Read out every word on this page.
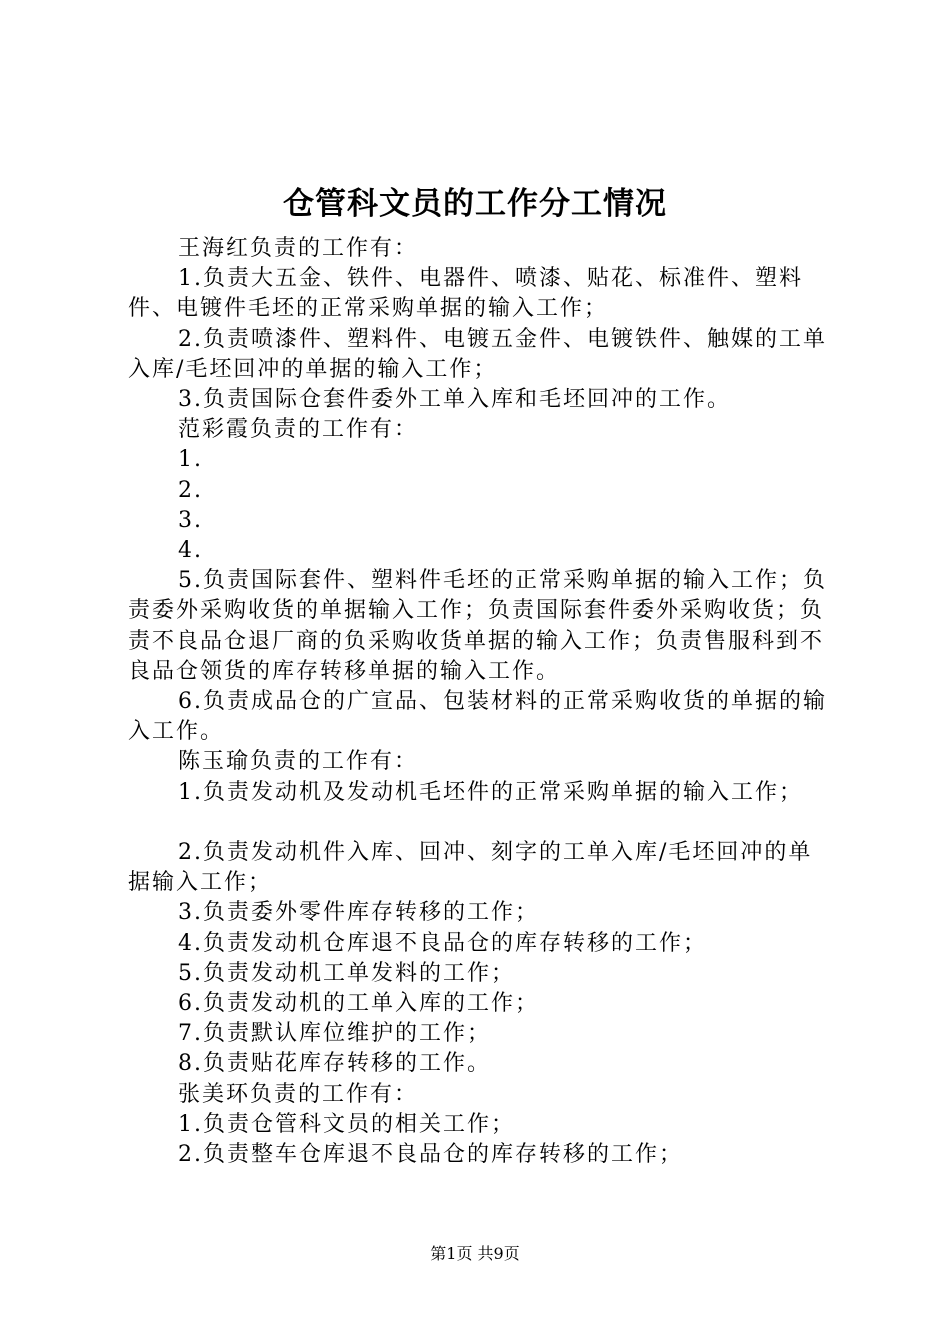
仓管科文员的工作分工情况

王海红负责的工作有：

1.负责大五金、铁件、电器件、喷漆、贴花、标准件、塑料件、电镀件毛坯的正常采购单据的输入工作；

2.负责喷漆件、塑料件、电镀五金件、电镀铁件、触媒的工单入库/毛坯回冲的单据的输入工作；

3.负责国际仓套件委外工单入库和毛坯回冲的工作。

范彩霞负责的工作有：

1.

2.

3.

4.

5.负责国际套件、塑料件毛坯的正常采购单据的输入工作；负责委外采购收货的单据输入工作；负责国际套件委外采购收货；负责不良品仓退厂商的负采购收货单据的输入工作；负责售服科到不良品仓领货的库存转移单据的输入工作。

6.负责成品仓的广宣品、包装材料的正常采购收货的单据的输入工作。

陈玉瑜负责的工作有：

1.负责发动机及发动机毛坯件的正常采购单据的输入工作；

2.负责发动机件入库、回冲、刻字的工单入库/毛坯回冲的单据输入工作；

3.负责委外零件库存转移的工作；

4.负责发动机仓库退不良品仓的库存转移的工作；

5.负责发动机工单发料的工作；

6.负责发动机的工单入库的工作；

7.负责默认库位维护的工作；

8.负责贴花库存转移的工作。

张美环负责的工作有：

1.负责仓管科文员的相关工作；

2.负责整车仓库退不良品仓的库存转移的工作；

第1页 共9页
